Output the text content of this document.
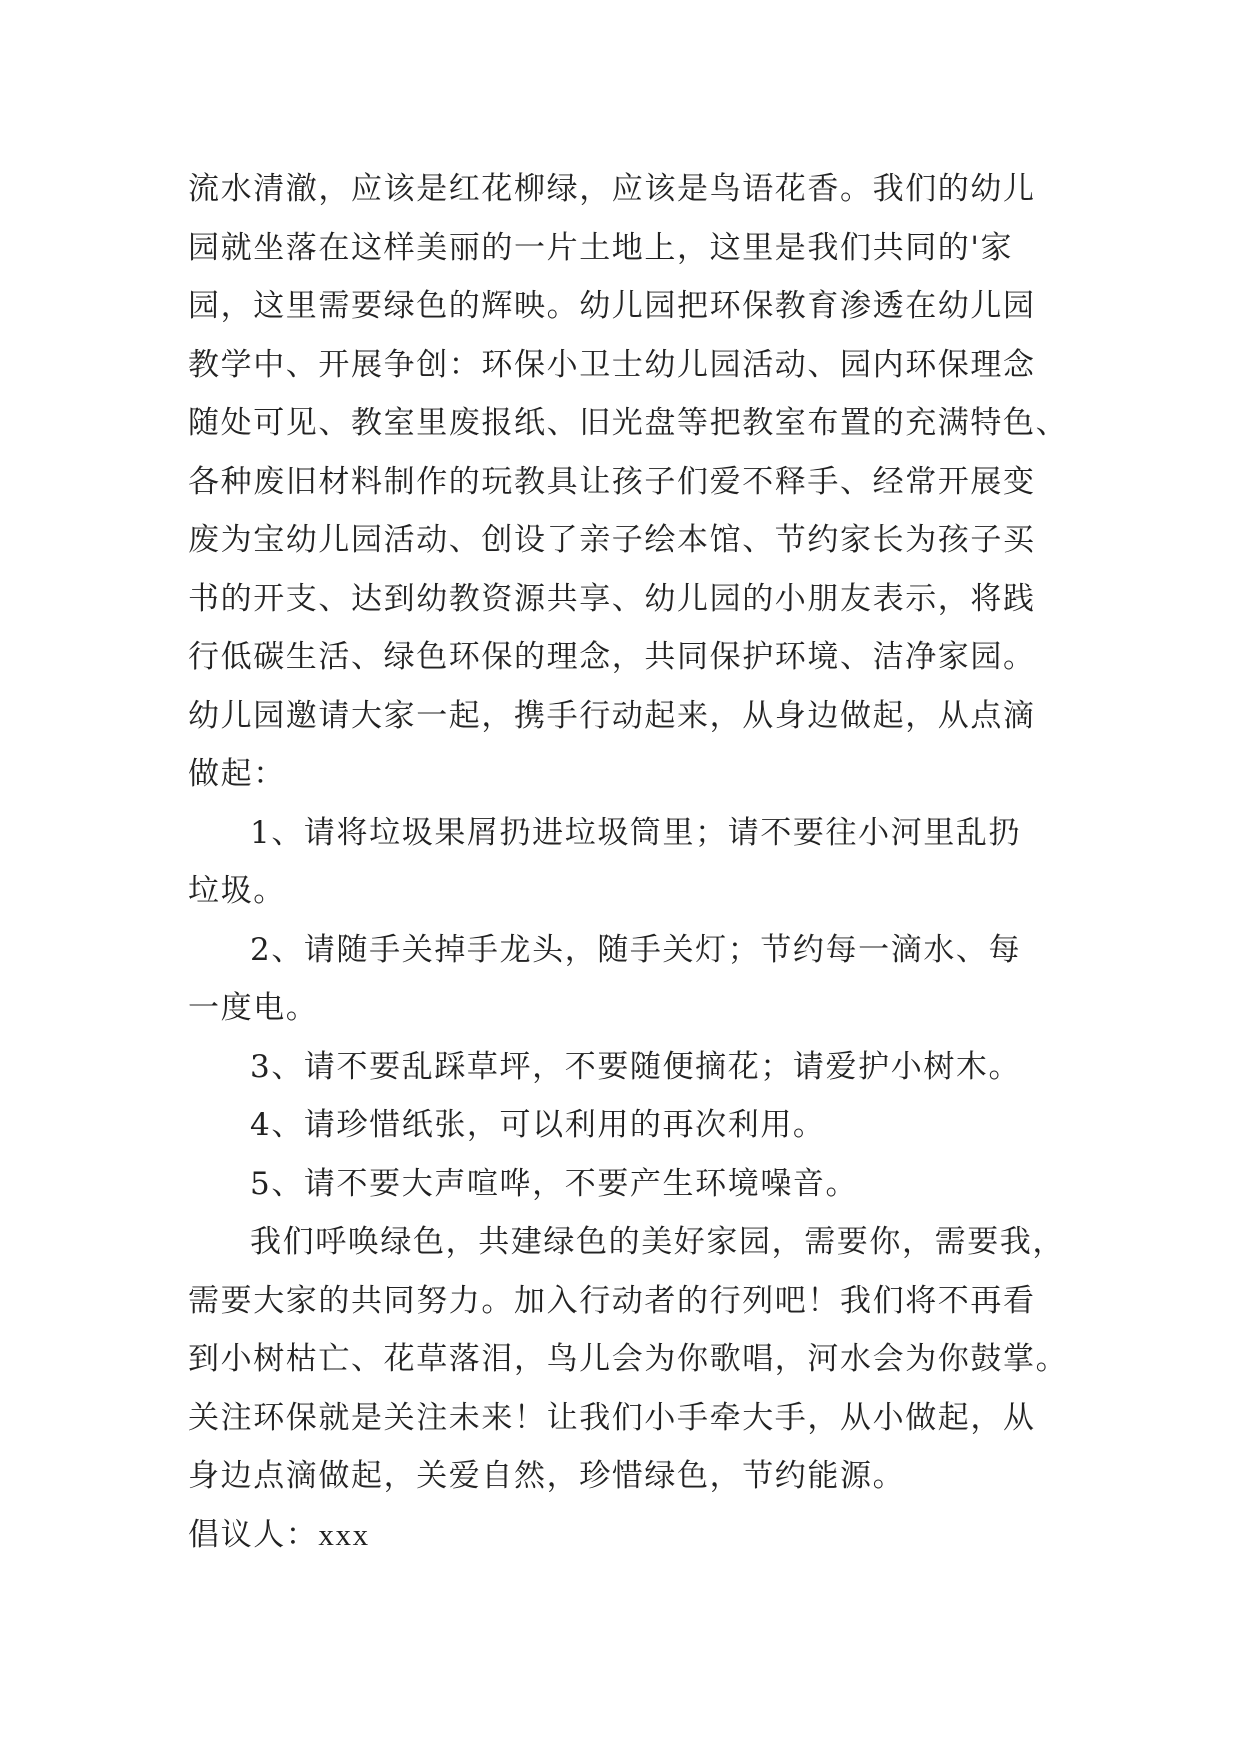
流水清澈，应该是红花柳绿，应该是鸟语花香。我们的幼儿
园就坐落在这样美丽的一片土地上，这里是我们共同的'家
园，这里需要绿色的辉映。幼儿园把环保教育渗透在幼儿园
教学中、开展争创：环保小卫士幼儿园活动、园内环保理念
随处可见、教室里废报纸、旧光盘等把教室布置的充满特色、
各种废旧材料制作的玩教具让孩子们爱不释手、经常开展变
废为宝幼儿园活动、创设了亲子绘本馆、节约家长为孩子买
书的开支、达到幼教资源共享、幼儿园的小朋友表示，将践
行低碳生活、绿色环保的理念，共同保护环境、洁净家园。
幼儿园邀请大家一起，携手行动起来，从身边做起，从点滴
做起：
1、请将垃圾果屑扔进垃圾筒里；请不要往小河里乱扔
垃圾。
2、请随手关掉手龙头，随手关灯；节约每一滴水、每
一度电。
3、请不要乱踩草坪，不要随便摘花；请爱护小树木。
4、请珍惜纸张，可以利用的再次利用。
5、请不要大声喧哗，不要产生环境噪音。
我们呼唤绿色，共建绿色的美好家园，需要你，需要我，
需要大家的共同努力。加入行动者的行列吧！我们将不再看
到小树枯亡、花草落泪，鸟儿会为你歌唱，河水会为你鼓掌。
关注环保就是关注未来！让我们小手牵大手，从小做起，从
身边点滴做起，关爱自然，珍惜绿色，节约能源。
倡议人：xxx
